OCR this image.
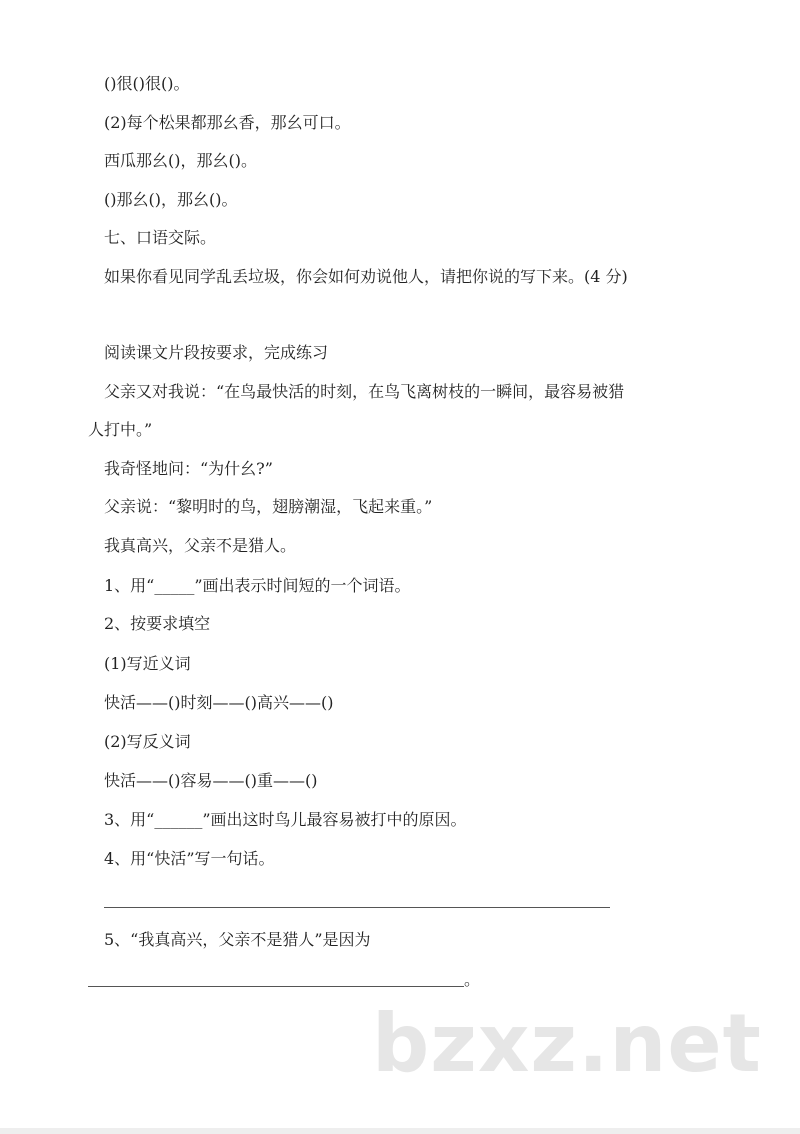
()很()很()。
(2)每个松果都那幺香，那幺可口。
西瓜那幺()，那幺()。
()那幺()，那幺()。
七、口语交际。
如果你看见同学乱丢垃圾，你会如何劝说他人，请把你说的写下来。(4 分)
阅读课文片段按要求，完成练习
父亲又对我说：“在鸟最快活的时刻，在鸟飞离树枝的一瞬间，最容易被猎
人打中。”
我奇怪地问：“为什幺?”
父亲说：“黎明时的鸟，翅膀潮湿，飞起来重。”
我真高兴，父亲不是猎人。
1、用“_____”画出表示时间短的一个词语。
2、按要求填空
(1)写近义词
快活——()时刻——()高兴——()
(2)写反义词
快活——()容易——()重——()
3、用“______”画出这时鸟儿最容易被打中的原因。
4、用“快活”写一句话。
5、“我真高兴，父亲不是猎人”是因为
。
bzxz.net
